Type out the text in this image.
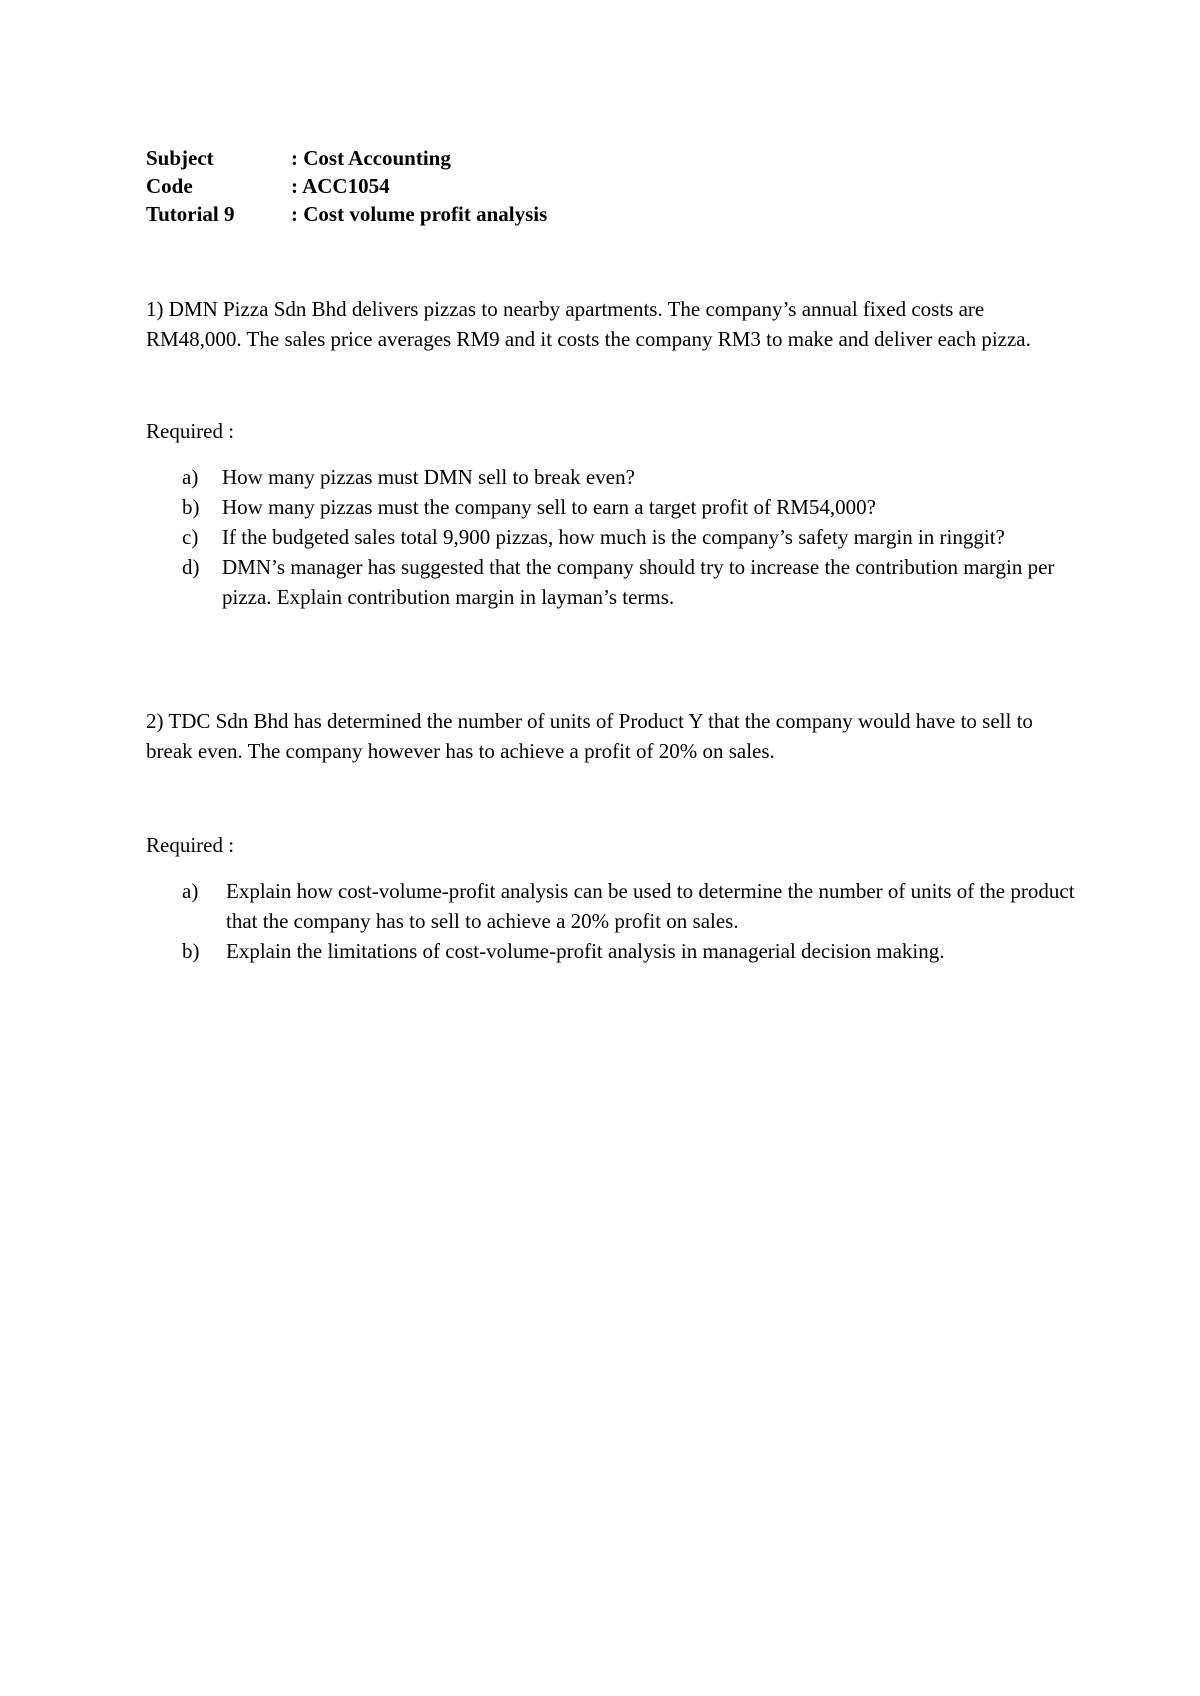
Subject	: Cost Accounting
Code	: ACC1054
Tutorial 9	: Cost volume profit analysis

1) DMN Pizza Sdn Bhd delivers pizzas to nearby apartments. The company’s annual fixed costs are RM48,000. The sales price averages RM9 and it costs the company RM3 to make and deliver each pizza.

Required :
a)	How many pizzas must DMN sell to break even?
b)	How many pizzas must the company sell to earn a target profit of RM54,000?
c)	If the budgeted sales total 9,900 pizzas, how much is the company’s safety margin in ringgit?
d)	DMN’s manager has suggested that the company should try to increase the contribution margin per pizza. Explain contribution margin in layman’s terms.

2) TDC Sdn Bhd has determined the number of units of Product Y that the company would have to sell to break even. The company however has to achieve a profit of 20% on sales.

Required :
a)	Explain how cost-volume-profit analysis can be used to determine the number of units of the product that the company has to sell to achieve a 20% profit on sales.
b)	Explain the limitations of cost-volume-profit analysis in managerial decision making.
